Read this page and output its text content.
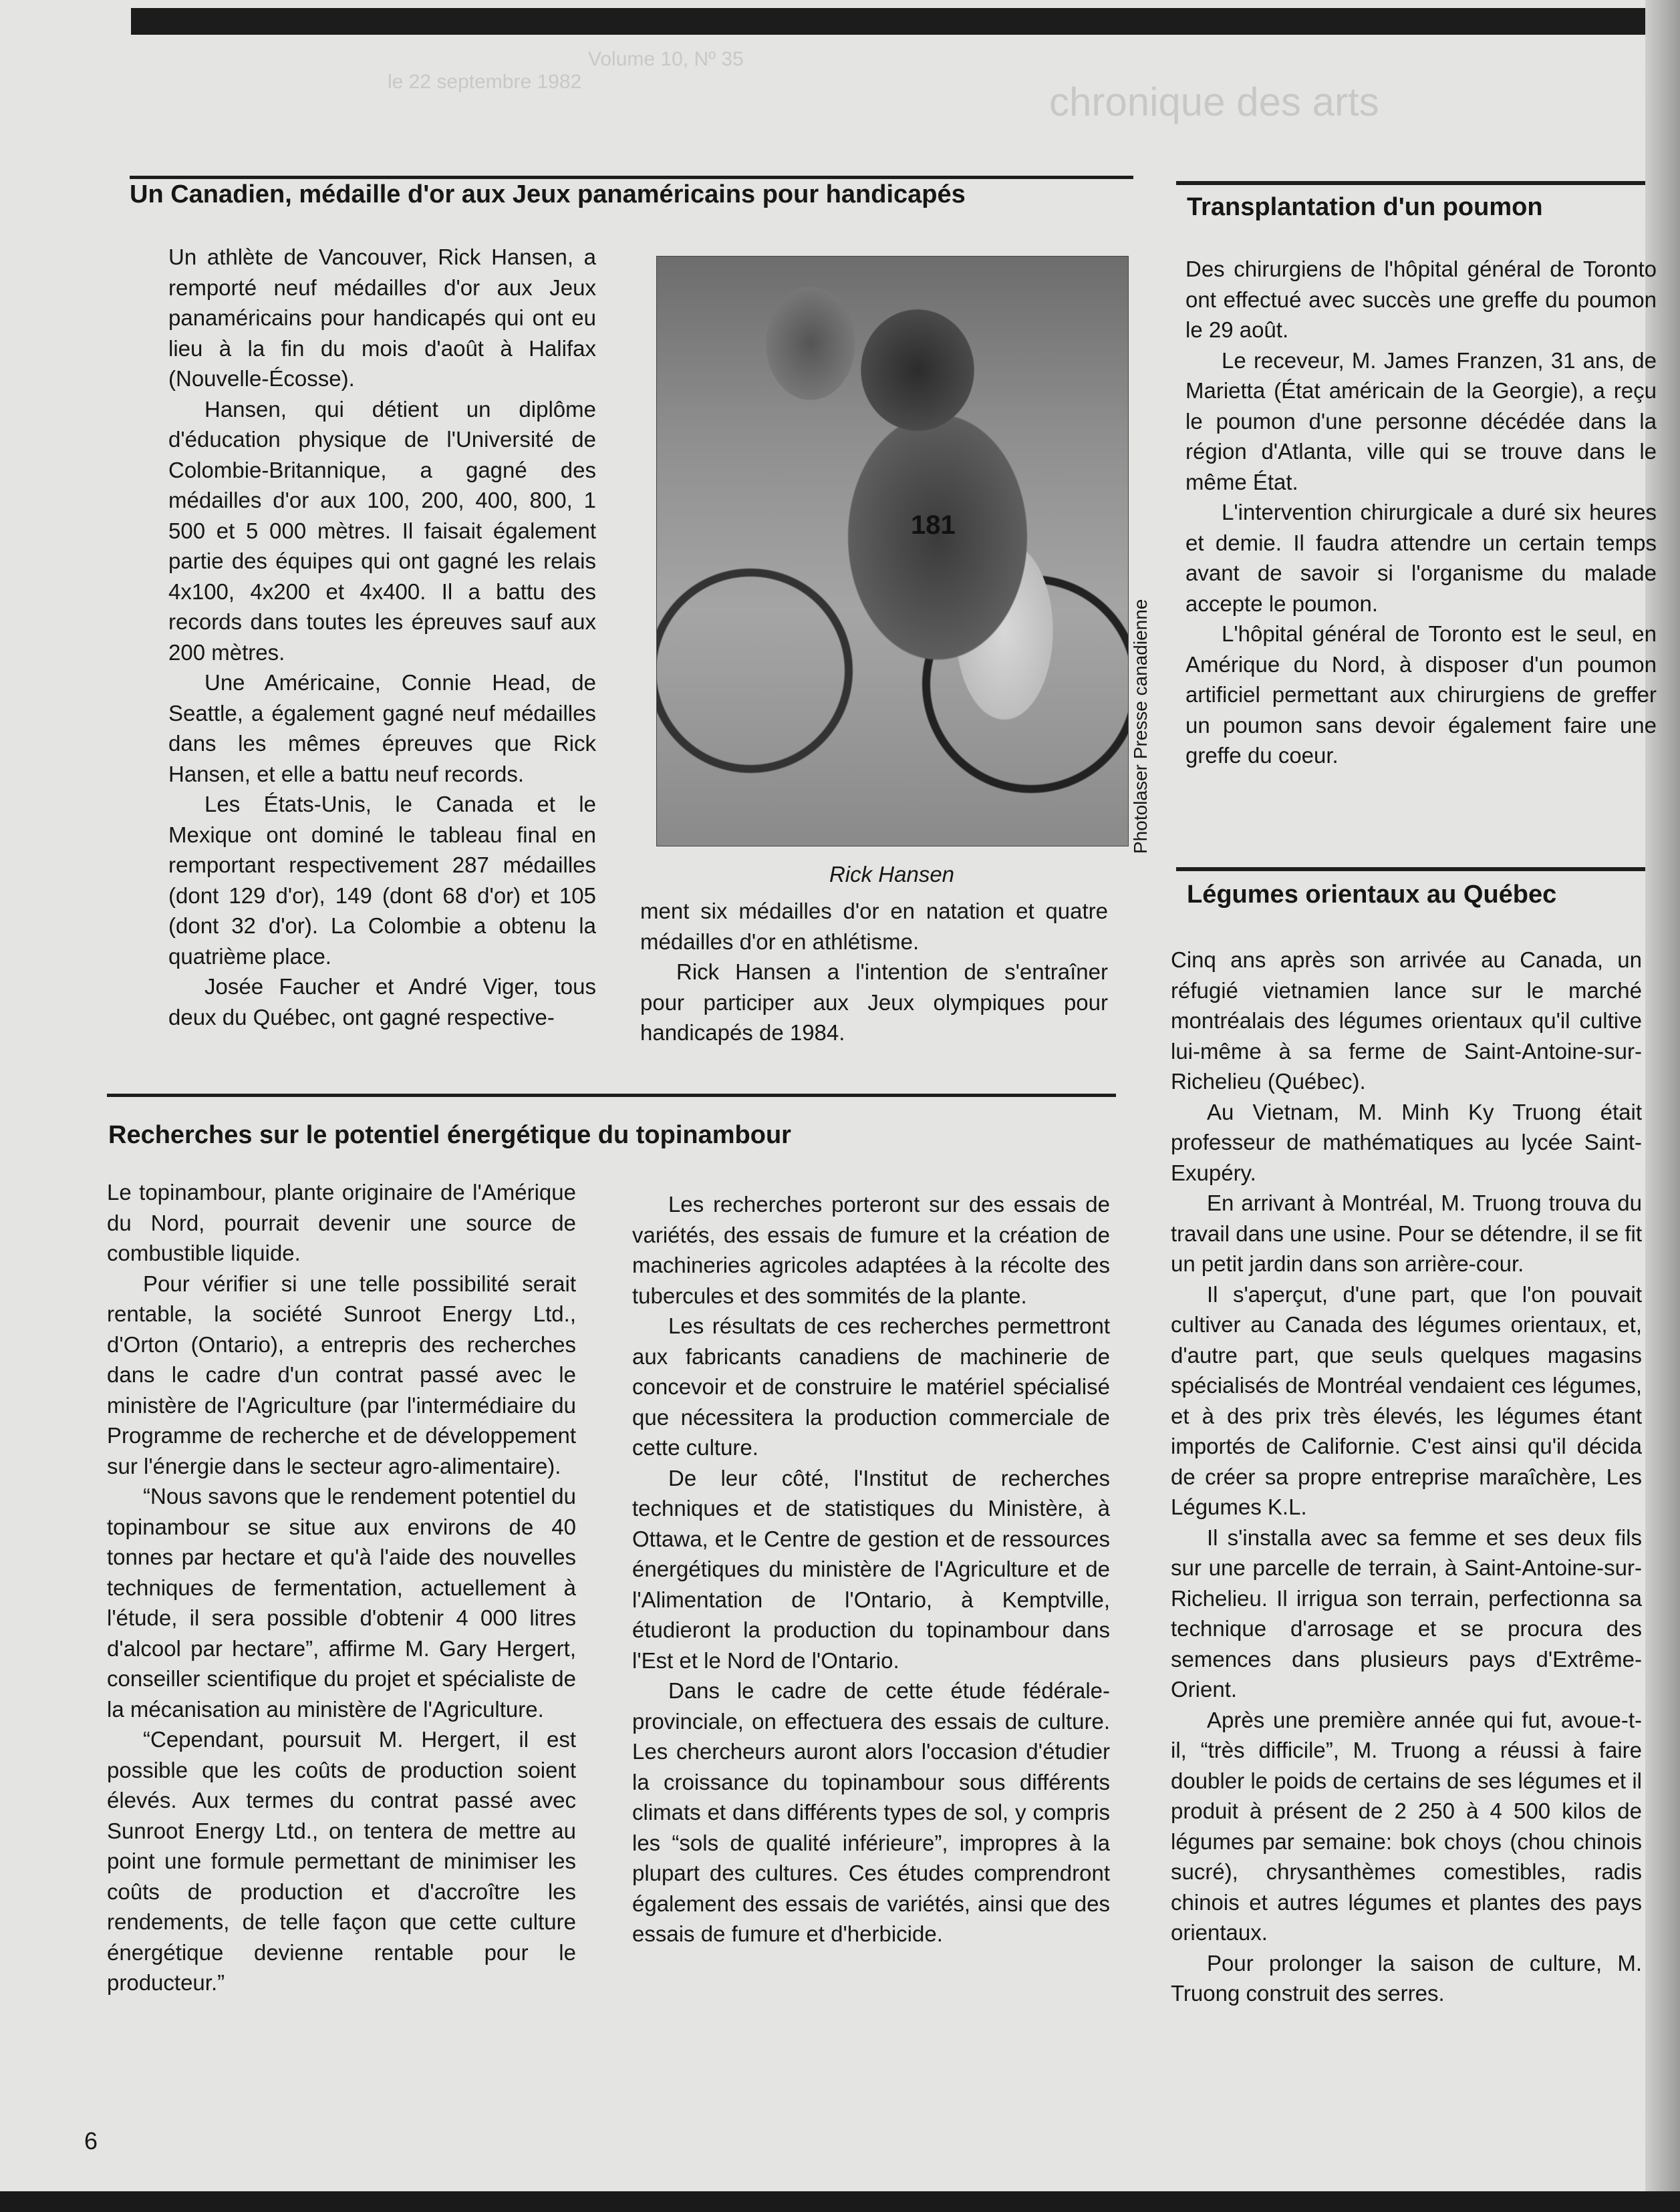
Volume 10, Nº 35
le 22 septembre 1982	chronique des arts
Un Canadien, médaille d'or aux Jeux panaméricains pour handicapés

Un athlète de Vancouver, Rick Hansen, a remporté neuf médailles d'or aux Jeux panaméricains pour handicapés qui ont eu lieu à la fin du mois d'août à Halifax (Nouvelle-Écosse).

Hansen, qui détient un diplôme d'éducation physique de l'Université de Colombie-Britannique, a gagné des médailles d'or aux 100, 200, 400, 800, 1 500 et 5 000 mètres. Il faisait également partie des équipes qui ont gagné les relais 4x100, 4x200 et 4x400. Il a battu des records dans toutes les épreuves sauf aux 200 mètres.

Une Américaine, Connie Head, de Seattle, a également gagné neuf médailles dans les mêmes épreuves que Rick Hansen, et elle a battu neuf records.

Les États-Unis, le Canada et le Mexique ont dominé le tableau final en remportant respectivement 287 médailles (dont 129 d'or), 149 (dont 68 d'or) et 105 (dont 32 d'or). La Colombie a obtenu la quatrième place.

Josée Faucher et André Viger, tous deux du Québec, ont gagné respective-

181
Photolaser Presse canadienne
Rick Hansen

ment six médailles d'or en natation et quatre médailles d'or en athlétisme.

Rick Hansen a l'intention de s'entraîner pour participer aux Jeux olympiques pour handicapés de 1984.

Transplantation d'un poumon

Des chirurgiens de l'hôpital général de Toronto ont effectué avec succès une greffe du poumon le 29 août.

Le receveur, M. James Franzen, 31 ans, de Marietta (État américain de la Georgie), a reçu le poumon d'une personne décédée dans la région d'Atlanta, ville qui se trouve dans le même État.

L'intervention chirurgicale a duré six heures et demie. Il faudra attendre un certain temps avant de savoir si l'organisme du malade accepte le poumon.

L'hôpital général de Toronto est le seul, en Amérique du Nord, à disposer d'un poumon artificiel permettant aux chirurgiens de greffer un poumon sans devoir également faire une greffe du coeur.

Légumes orientaux au Québec

Cinq ans après son arrivée au Canada, un réfugié vietnamien lance sur le marché montréalais des légumes orientaux qu'il cultive lui-même à sa ferme de Saint-Antoine-sur-Richelieu (Québec).

Au Vietnam, M. Minh Ky Truong était professeur de mathématiques au lycée Saint-Exupéry.

En arrivant à Montréal, M. Truong trouva du travail dans une usine. Pour se détendre, il se fit un petit jardin dans son arrière-cour.

Il s'aperçut, d'une part, que l'on pouvait cultiver au Canada des légumes orientaux, et, d'autre part, que seuls quelques magasins spécialisés de Montréal vendaient ces légumes, et à des prix très élevés, les légumes étant importés de Californie. C'est ainsi qu'il décida de créer sa propre entreprise maraîchère, Les Légumes K.L.

Il s'installa avec sa femme et ses deux fils sur une parcelle de terrain, à Saint-Antoine-sur-Richelieu. Il irrigua son terrain, perfectionna sa technique d'arrosage et se procura des semences dans plusieurs pays d'Extrême-Orient.

Après une première année qui fut, avoue-t-il, “très difficile”, M. Truong a réussi à faire doubler le poids de certains de ses légumes et il produit à présent de 2 250 à 4 500 kilos de légumes par semaine: bok choys (chou chinois sucré), chrysanthèmes comestibles, radis chinois et autres légumes et plantes des pays orientaux.

Pour prolonger la saison de culture, M. Truong construit des serres.

Recherches sur le potentiel énergétique du topinambour

Le topinambour, plante originaire de l'Amérique du Nord, pourrait devenir une source de combustible liquide.

Pour vérifier si une telle possibilité serait rentable, la société Sunroot Energy Ltd., d'Orton (Ontario), a entrepris des recherches dans le cadre d'un contrat passé avec le ministère de l'Agriculture (par l'intermédiaire du Programme de recherche et de développement sur l'énergie dans le secteur agro-alimentaire).

“Nous savons que le rendement potentiel du topinambour se situe aux environs de 40 tonnes par hectare et qu'à l'aide des nouvelles techniques de fermentation, actuellement à l'étude, il sera possible d'obtenir 4 000 litres d'alcool par hectare”, affirme M. Gary Hergert, conseiller scientifique du projet et spécialiste de la mécanisation au ministère de l'Agriculture.

“Cependant, poursuit M. Hergert, il est possible que les coûts de production soient élevés. Aux termes du contrat passé avec Sunroot Energy Ltd., on tentera de mettre au point une formule permettant de minimiser les coûts de production et d'accroître les rendements, de telle façon que cette culture énergétique devienne rentable pour le producteur.”

Les recherches porteront sur des essais de variétés, des essais de fumure et la création de machineries agricoles adaptées à la récolte des tubercules et des sommités de la plante.

Les résultats de ces recherches permettront aux fabricants canadiens de machinerie de concevoir et de construire le matériel spécialisé que nécessitera la production commerciale de cette culture.

De leur côté, l'Institut de recherches techniques et de statistiques du Ministère, à Ottawa, et le Centre de gestion et de ressources énergétiques du ministère de l'Agriculture et de l'Alimentation de l'Ontario, à Kemptville, étudieront la production du topinambour dans l'Est et le Nord de l'Ontario.

Dans le cadre de cette étude fédérale-provinciale, on effectuera des essais de culture. Les chercheurs auront alors l'occasion d'étudier la croissance du topinambour sous différents climats et dans différents types de sol, y compris les “sols de qualité inférieure”, impropres à la plupart des cultures. Ces études comprendront également des essais de variétés, ainsi que des essais de fumure et d'herbicide.

6
